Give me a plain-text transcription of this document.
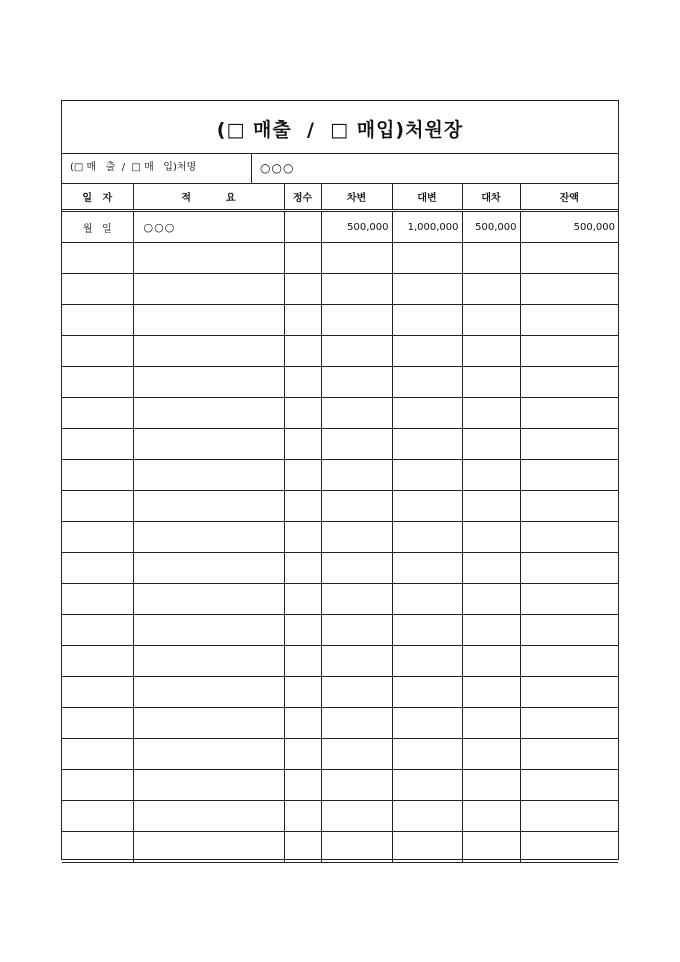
(□ 매출  /  □ 매입)처원장
(□ 매   출  /  □ 매   입)처명	○○○
일   자	적          요	정수	차변	대변	대차	잔액
월   일	○○○		500,000	1,000,000	500,000	500,000
